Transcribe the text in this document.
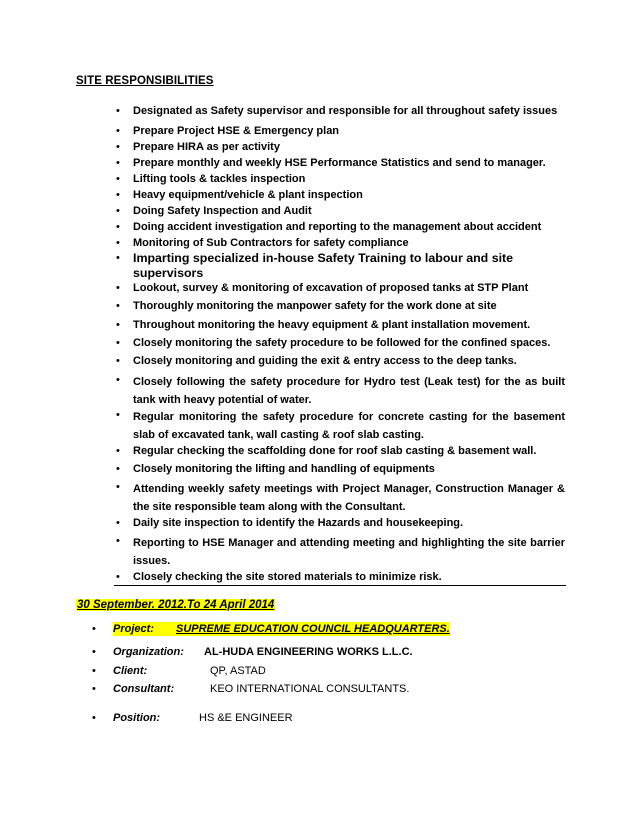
SITE RESPONSIBILITIES
• Designated as Safety supervisor and responsible for all throughout safety issues
• Prepare Project HSE & Emergency plan
• Prepare HIRA as per activity
• Prepare monthly and weekly HSE Performance Statistics and send to manager.
• Lifting tools & tackles inspection
• Heavy equipment/vehicle & plant inspection
• Doing Safety Inspection and Audit
• Doing accident investigation and reporting to the management about accident
• Monitoring of Sub Contractors for safety compliance
• Imparting specialized in-house Safety Training to labour and site supervisors
• Lookout, survey & monitoring of excavation of proposed tanks at STP Plant
• Thoroughly monitoring the manpower safety for the work done at site
• Throughout monitoring the heavy equipment & plant installation movement.
• Closely monitoring the safety procedure to be followed for the confined spaces.
• Closely monitoring and guiding the exit & entry access to the deep tanks.
• Closely following the safety procedure for Hydro test (Leak test) for the as built tank with heavy potential of water.
• Regular monitoring the safety procedure for concrete casting for the basement slab of excavated tank, wall casting & roof slab casting.
• Regular checking the scaffolding done for roof slab casting & basement wall.
• Closely monitoring the lifting and handling of equipments
• Attending weekly safety meetings with Project Manager, Construction Manager & the site responsible team along with the Consultant.
• Daily site inspection to identify the Hazards and housekeeping.
• Reporting to HSE Manager and attending meeting and highlighting the site barrier issues.
• Closely checking the site stored materials to minimize risk.
30 September. 2012.To 24 April 2014
• Project:	SUPREME EDUCATION COUNCIL HEADQUARTERS.
• Organization: AL-HUDA ENGINEERING WORKS L.L.C.
• Client:	QP, ASTAD
• Consultant:	KEO INTERNATIONAL CONSULTANTS.
• Position:	HS &E ENGINEER
